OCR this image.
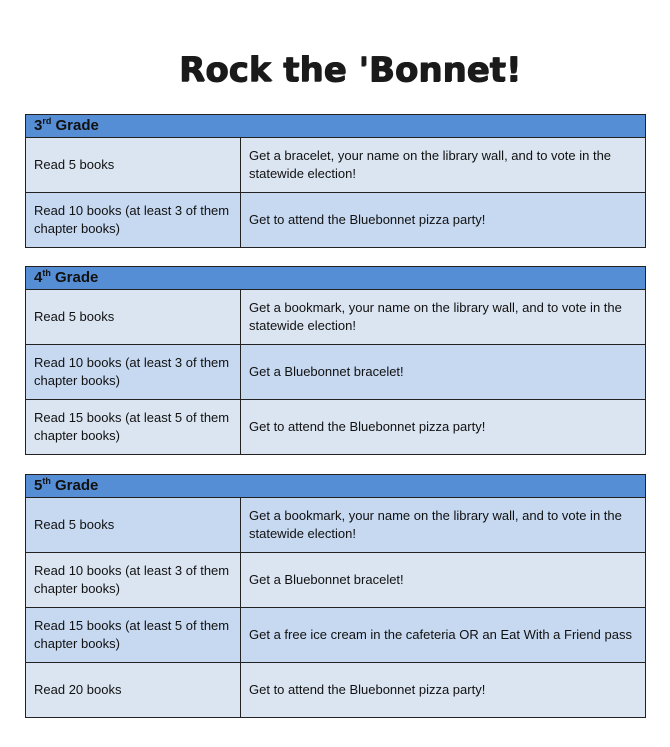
Rock the 'Bonnet!
3rd Grade	
Read 5 books	Get a bracelet, your name on the library wall, and to vote in the statewide election!
Read 10 books (at least 3 of them chapter books)	Get to attend the Bluebonnet pizza party!
4th Grade	
Read 5 books	Get a bookmark, your name on the library wall, and to vote in the statewide election!
Read 10 books (at least 3 of them chapter books)	Get a Bluebonnet bracelet!
Read 15 books (at least 5 of them chapter books)	Get to attend the Bluebonnet pizza party!
5th Grade	
Read 5 books	Get a bookmark, your name on the library wall, and to vote in the statewide election!
Read 10 books (at least 3 of them chapter books)	Get a Bluebonnet bracelet!
Read 15 books (at least 5 of them chapter books)	Get a free ice cream in the cafeteria OR an Eat With a Friend pass
Read 20 books	Get to attend the Bluebonnet pizza party!
